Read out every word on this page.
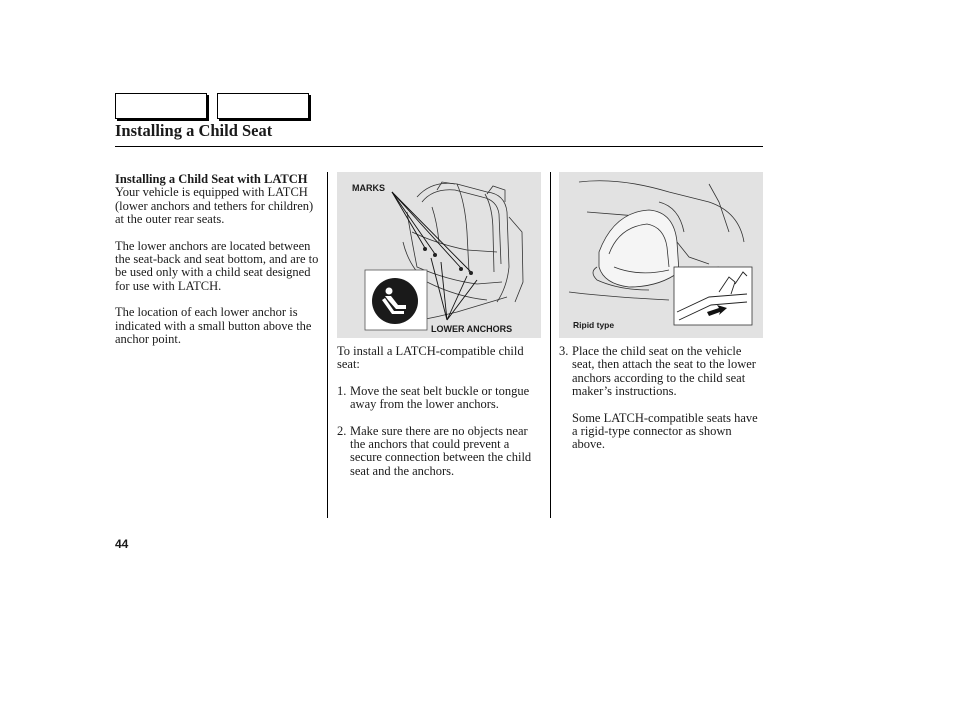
Installing a Child Seat

Installing a Child Seat with LATCH

Your vehicle is equipped with LATCH (lower anchors and tethers for children) at the outer rear seats.

The lower anchors are located between the seat-back and seat bottom, and are to be used only with a child seat designed for use with LATCH.

The location of each lower anchor is indicated with a small button above the anchor point.

MARKS
LOWER ANCHORS

To install a LATCH-compatible child seat:

1. Move the seat belt buckle or tongue away from the lower anchors.
2. Make sure there are no objects near the anchors that could prevent a secure connection between the child seat and the anchors.
Ripid type
3. Place the child seat on the vehicle seat, then attach the seat to the lower anchors according to the child seat maker’s instructions.

Some LATCH-compatible seats have a rigid-type connector as shown above.

44
